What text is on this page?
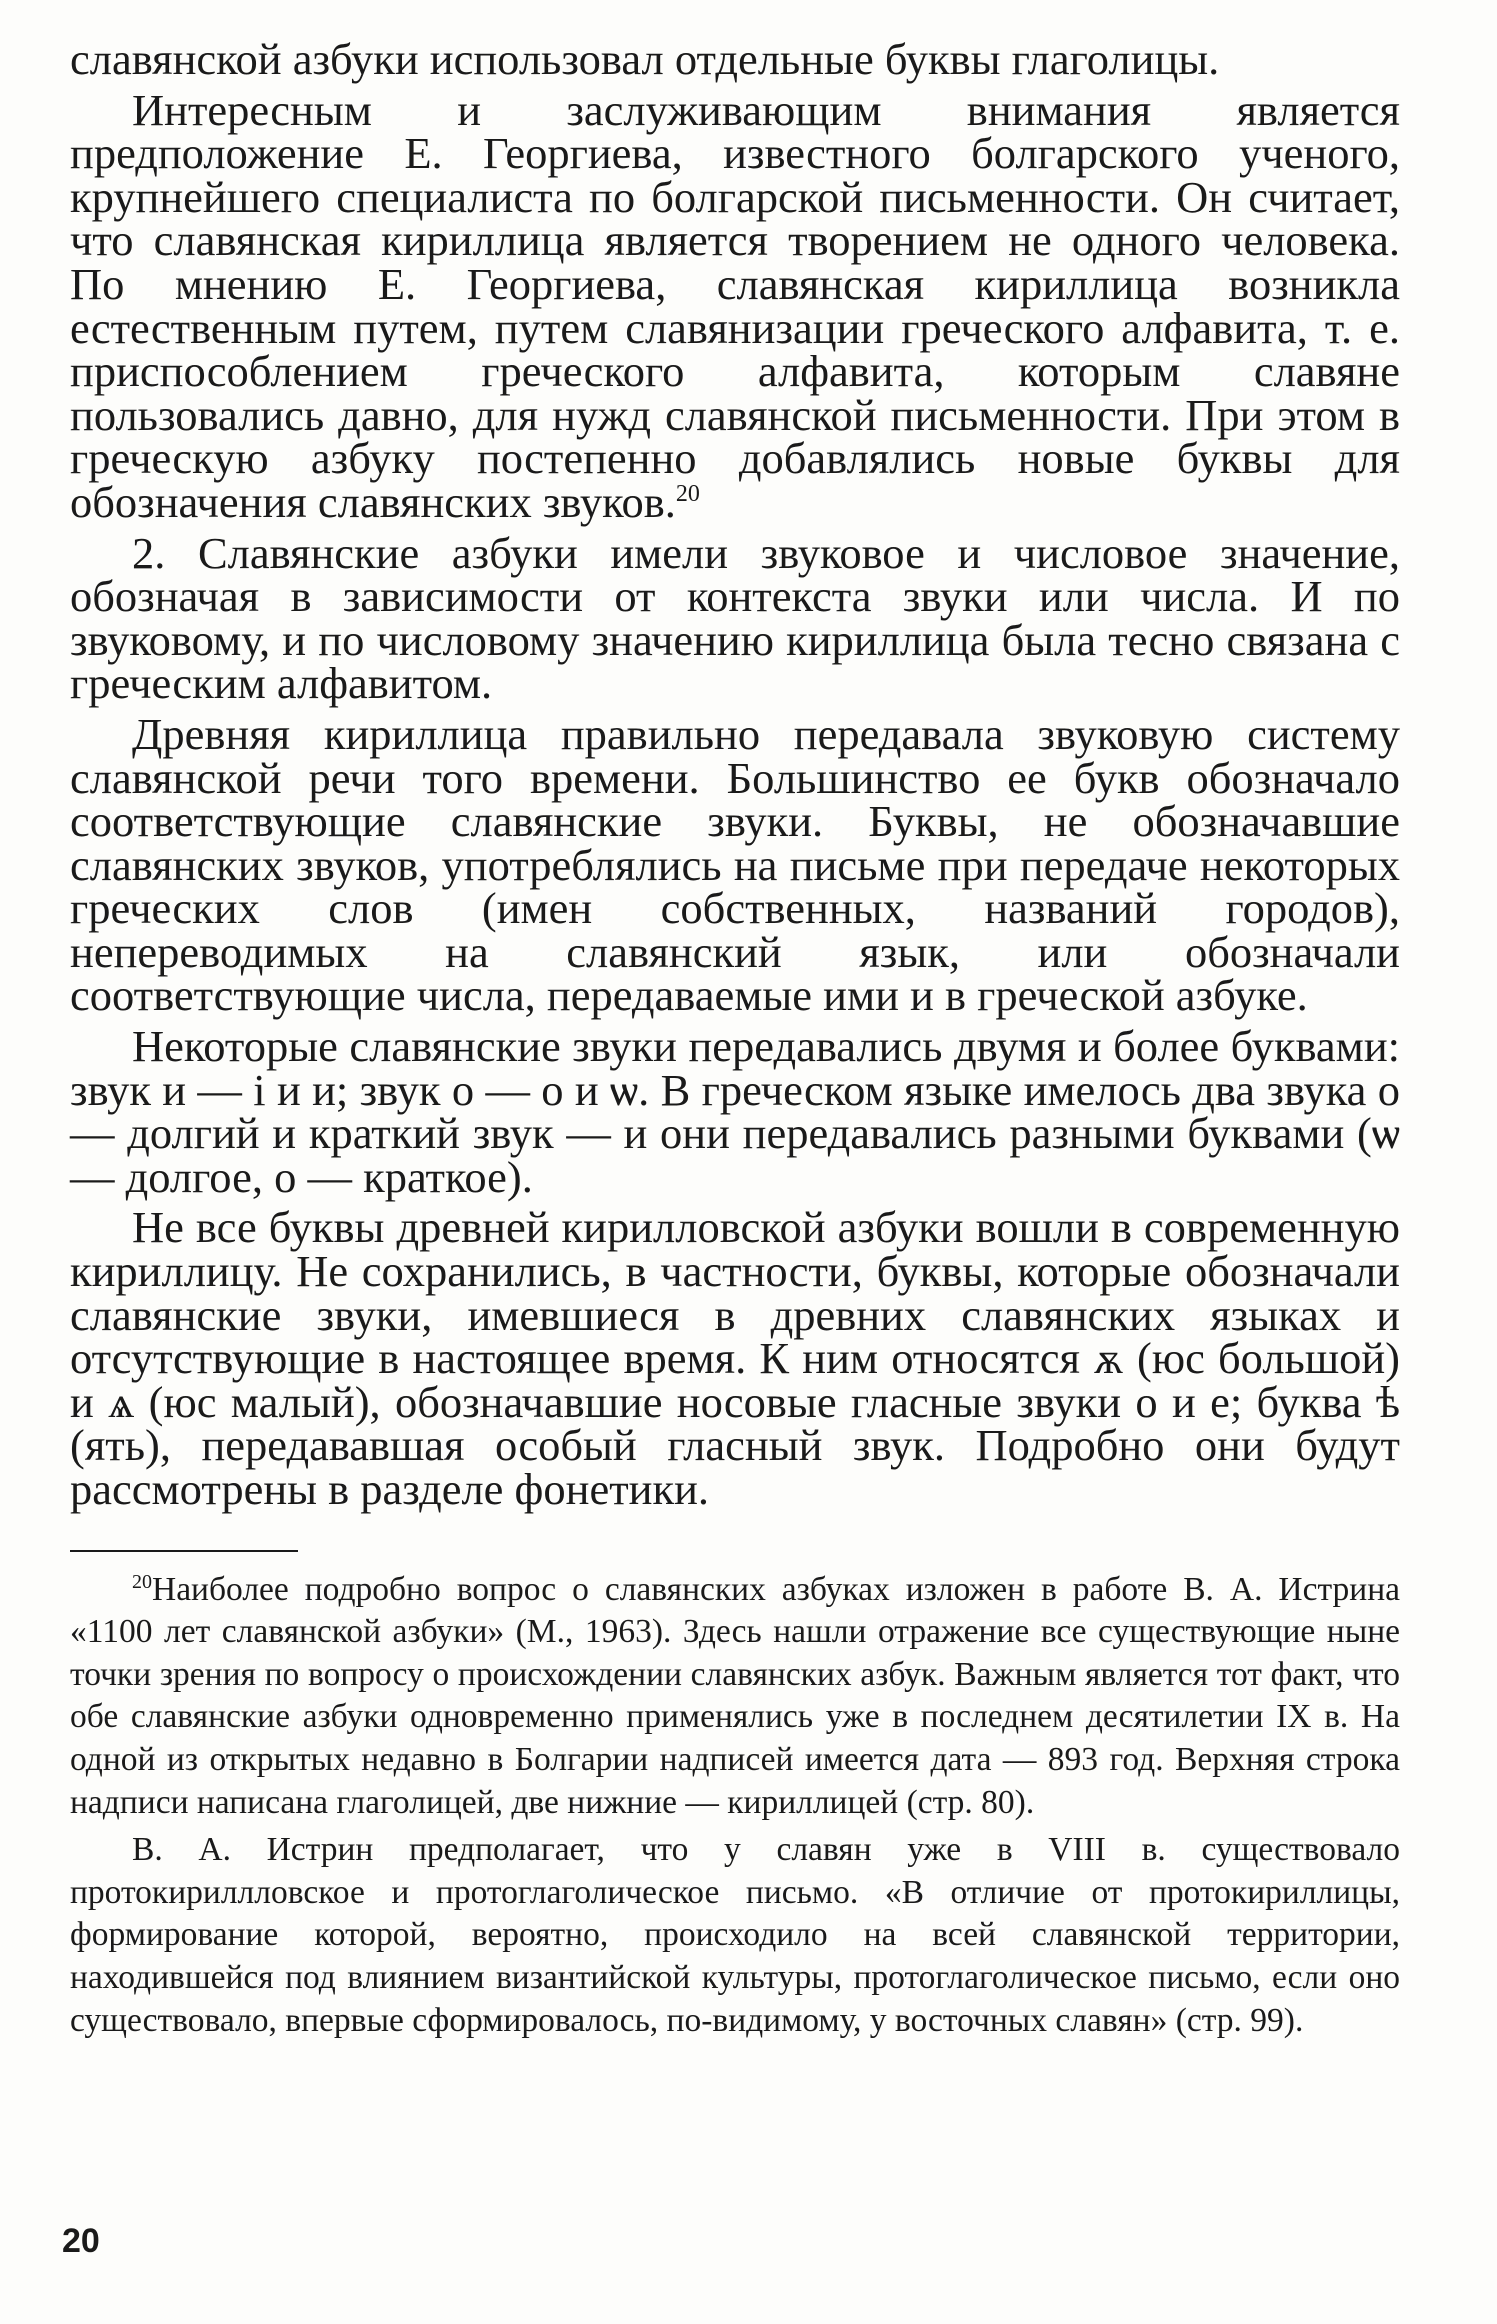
славянской азбуки использовал отдельные буквы глаголицы.

Интересным и заслуживающим внимания является предположение Е. Георгиева, известного болгарского ученого, крупнейшего специалиста по болгарской письменности. Он считает, что славянская кириллица является творением не одного человека. По мнению Е. Георгиева, славянская кириллица возникла естественным путем, путем славянизации греческого алфавита, т. е. приспособлением греческого алфавита, которым славяне пользовались давно, для нужд славянской письменности. При этом в греческую азбуку постепенно добавлялись новые буквы для обозначения славянских звуков.$^{20}$

2. Славянские азбуки имели звуковое и числовое значение, обозначая в зависимости от контекста звуки или числа. И по звуковому, и по числовому значению кириллица была тесно связана с греческим алфавитом.

Древняя кириллица правильно передавала звуковую систему славянской речи того времени. Большинство ее букв обозначало соответствующие славянские звуки. Буквы, не обозначавшие славянских звуков, употреблялись на письме при передаче некоторых греческих слов (имен собственных, названий городов), непереводимых на славянский язык, или обозначали соответствующие числа, передаваемые ими и в греческой азбуке.

Некоторые славянские звуки передавались двумя и более буквами: звук и — і и и; звук о — о и ѡ. В греческом языке имелось два звука о — долгий и краткий звук — и они передавались разными буквами (ѡ — долгое, о — краткое).

Не все буквы древней кирилловской азбуки вошли в современную кириллицу. Не сохранились, в частности, буквы, которые обозначали славянские звуки, имевшиеся в древних славянских языках и отсутствующие в настоящее время. К ним относятся ѫ (юс большой) и ѧ (юс малый), обозначавшие носовые гласные звуки о и е; буква ѣ (ять), передававшая особый гласный звук. Подробно они будут рассмотрены в разделе фонетики.

$^{20}$Наиболее подробно вопрос о славянских азбуках изложен в работе В. А. Истрина «1100 лет славянской азбуки» (М., 1963). Здесь нашли отражение все существующие ныне точки зрения по вопросу о происхождении славянских азбук. Важным является тот факт, что обе славянские азбуки одновременно применялись уже в последнем десятилетии IX в. На одной из открытых недавно в Болгарии надписей имеется дата — 893 год. Верхняя строка надписи написана глаголицей, две нижние — кириллицей (стр. 80).

В. А. Истрин предполагает, что у славян уже в VIII в. существовало протокириллловское и протоглаголическое письмо. «В отличие от протокириллицы, формирование которой, вероятно, происходило на всей славянской территории, находившейся под влиянием византийской культуры, протоглаголическое письмо, если оно существовало, впервые сформировалось, по-видимому, у восточных славян» (стр. 99).

20
